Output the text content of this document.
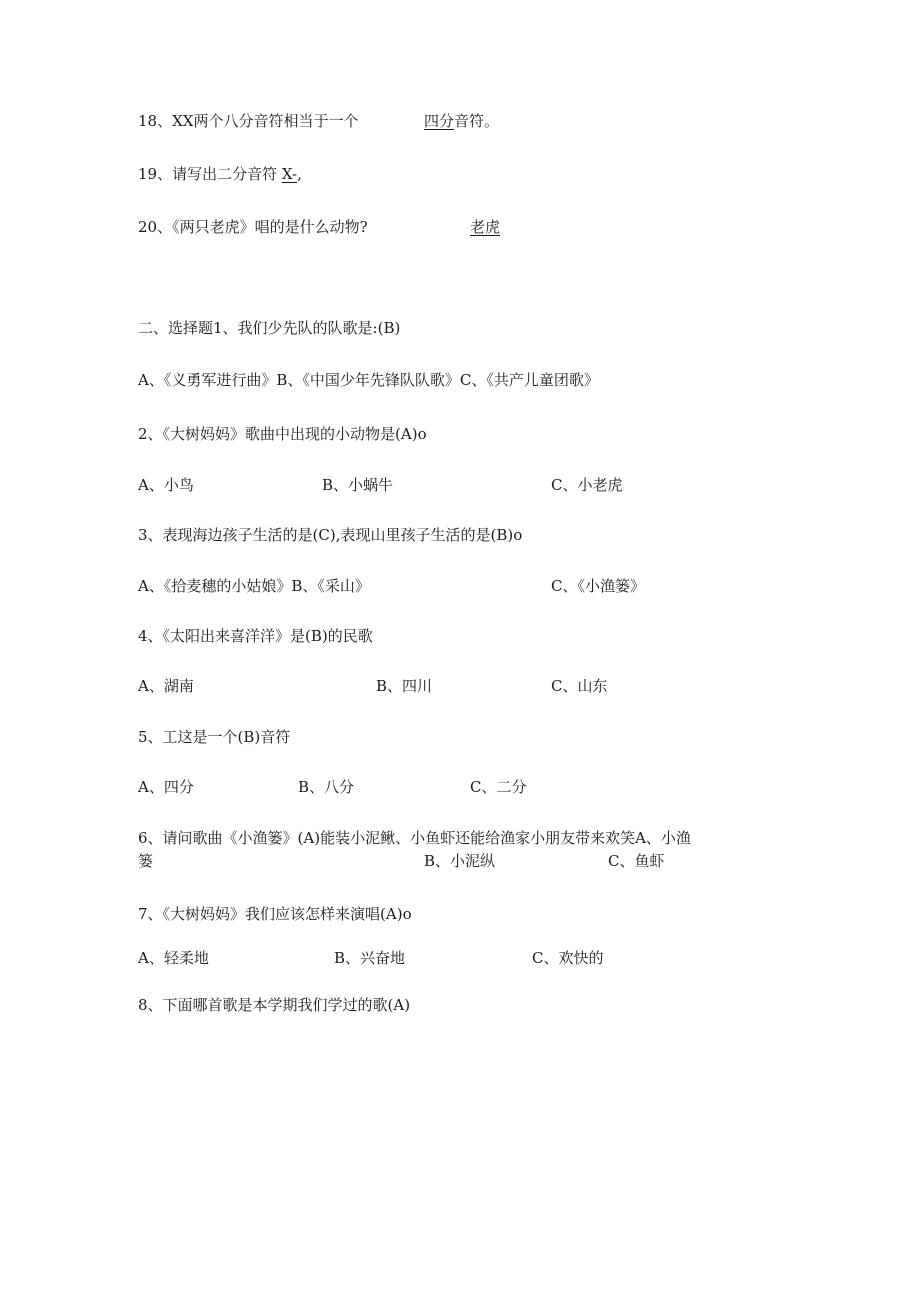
18、XX两个八分音符相当于一个	四分音符。
19、请写出二分音符 X-,
20、《两只老虎》唱的是什么动物?	老虎
二、选择题1、我们少先队的队歌是:(B)
A、《义勇军进行曲》B、《中国少年先锋队队歌》C、《共产儿童团歌》
2、《大树妈妈》歌曲中出现的小动物是(A)o
A、小鸟	B、小蜗牛	C、小老虎
3、表现海边孩子生活的是(C),表现山里孩子生活的是(B)o
A、《拾麦穗的小姑娘》B、《采山》	C、《小渔篓》
4、《太阳出来喜洋洋》是(B)的民歌
A、湖南	B、四川	C、山东
5、工这是一个(B)音符
A、四分	B、八分	C、二分
6、请问歌曲《小渔篓》(A)能装小泥鳅、小鱼虾还能给渔家小朋友带来欢笑A、小渔
篓	B、小泥纵	C、鱼虾
7、《大树妈妈》我们应该怎样来演唱(A)o
A、轻柔地	B、兴奋地	C、欢快的
8、下面哪首歌是本学期我们学过的歌(A)
